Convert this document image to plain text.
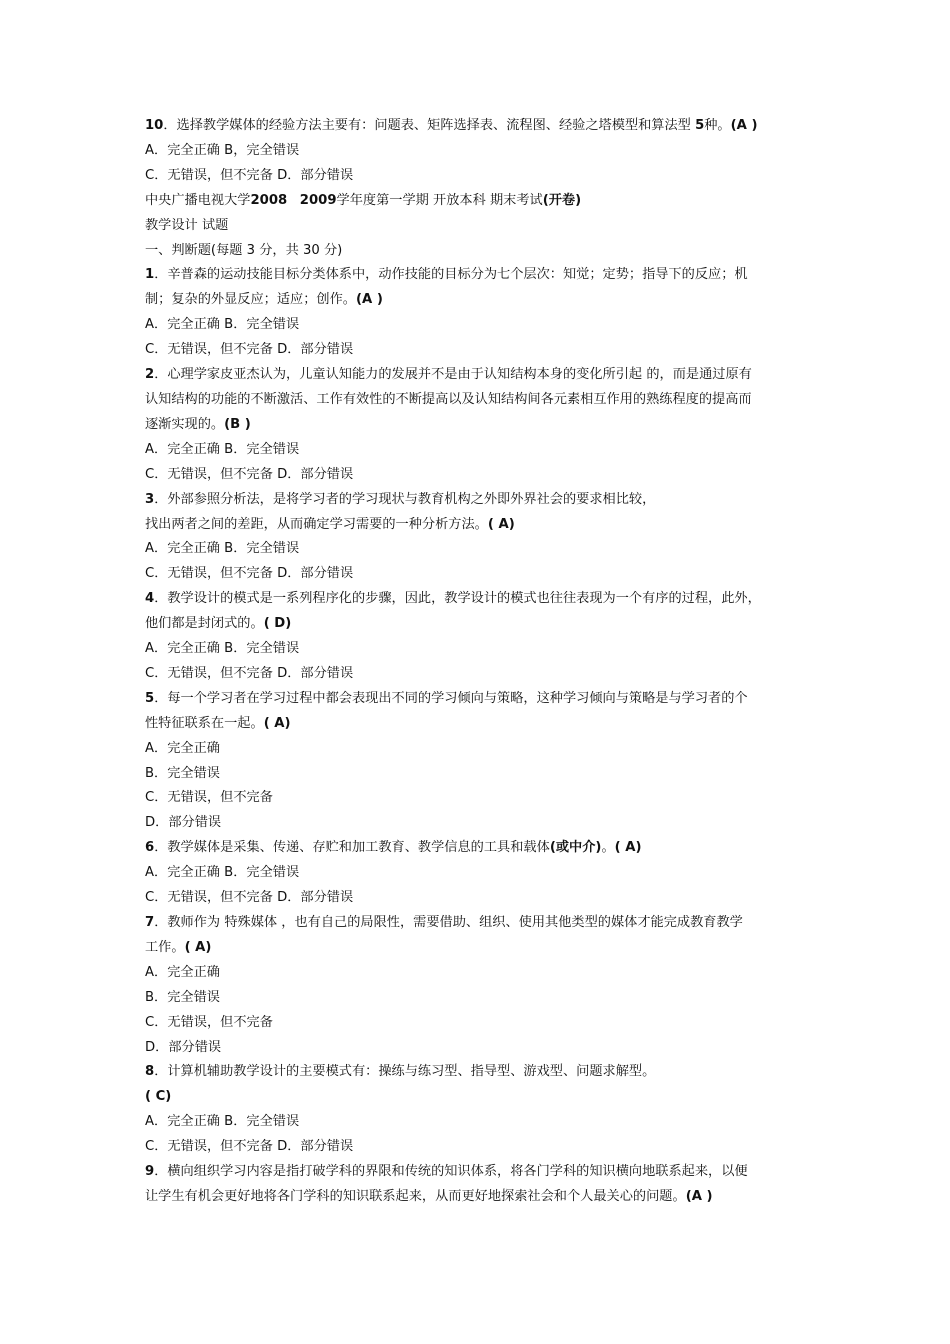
10．选择教学媒体的经验方法主要有：问题表、矩阵选择表、流程图、经验之塔模型和算法型 5种。(A )
A．完全正确 B，完全错误
C．无错误，但不完备 D．部分错误
中央广播电视大学2008 2009学年度第一学期 开放本科 期末考试(开卷)
教学设计 试题
一、判断题(每题 3 分，共 30 分)
1．辛普森的运动技能目标分类体系中，动作技能的目标分为七个层次：知觉；定势；指导下的反应；机
制；复杂的外显反应；适应；创作。(A )
A．完全正确 B．完全错误
C．无错误，但不完备 D．部分错误
2．心理学家皮亚杰认为，儿童认知能力的发展并不是由于认知结构本身的变化所引起 的，而是通过原有
认知结构的功能的不断激活、工作有效性的不断提高以及认知结构间各元素相互作用的熟练程度的提高而
逐渐实现的。(B )
A．完全正确 B．完全错误
C．无错误，但不完备 D．部分错误
3．外部参照分析法，是将学习者的学习现状与教育机构之外即外界社会的要求相比较，
找出两者之间的差距，从而确定学习需要的一种分析方法。( A)
A．完全正确 B．完全错误
C．无错误，但不完备 D．部分错误
4．教学设计的模式是一系列程序化的步骤，因此，教学设计的模式也往往表现为一个有序的过程，此外，
他们都是封闭式的。( D)
A．完全正确 B．完全错误
C．无错误，但不完备 D．部分错误
5．每一个学习者在学习过程中都会表现出不同的学习倾向与策略，这种学习倾向与策略是与学习者的个
性特征联系在一起。( A)
A．完全正确
B．完全错误
C．无错误，但不完备
D．部分错误
6．教学媒体是采集、传递、存贮和加工教育、教学信息的工具和载体(或中介)。( A)
A．完全正确 B．完全错误
C．无错误，但不完备 D．部分错误
7．教师作为 特殊媒体 ，也有自己的局限性，需要借助、组织、使用其他类型的媒体才能完成教育教学
工作。( A)
A．完全正确
B．完全错误
C．无错误，但不完备
D．部分错误
8．计算机辅助教学设计的主要模式有：操练与练习型、指导型、游戏型、问题求解型。
( C)
A．完全正确 B．完全错误
C．无错误，但不完备 D．部分错误
9．横向组织学习内容是指打破学科的界限和传统的知识体系，将各门学科的知识横向地联系起来，以便
让学生有机会更好地将各门学科的知识联系起来，从而更好地探索社会和个人最关心的问题。(A )
